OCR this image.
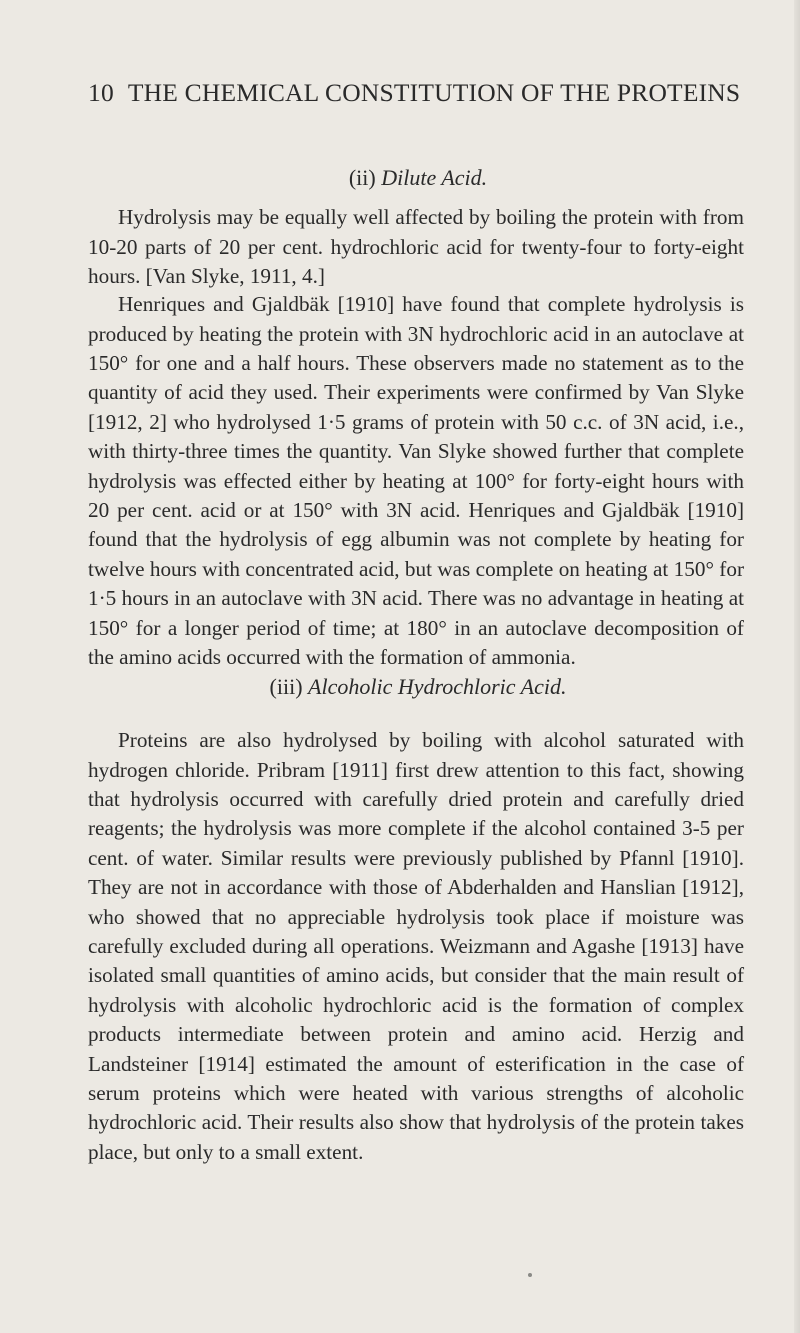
10 THE CHEMICAL CONSTITUTION OF THE PROTEINS
(ii) Dilute Acid.

Hydrolysis may be equally well affected by boiling the protein with from 10-20 parts of 20 per cent. hydrochloric acid for twenty-four to forty-eight hours. [Van Slyke, 1911, 4.]

Henriques and Gjaldbäk [1910] have found that complete hydrolysis is produced by heating the protein with 3N hydrochloric acid in an autoclave at 150° for one and a half hours. These observers made no statement as to the quantity of acid they used. Their experiments were confirmed by Van Slyke [1912, 2] who hydrolysed 1·5 grams of protein with 50 c.c. of 3N acid, i.e., with thirty-three times the quantity. Van Slyke showed further that complete hydrolysis was effected either by heating at 100° for forty-eight hours with 20 per cent. acid or at 150° with 3N acid. Henriques and Gjaldbäk [1910] found that the hydrolysis of egg albumin was not complete by heating for twelve hours with concentrated acid, but was complete on heating at 150° for 1·5 hours in an autoclave with 3N acid. There was no advantage in heating at 150° for a longer period of time; at 180° in an autoclave decomposition of the amino acids occurred with the formation of ammonia.

(iii) Alcoholic Hydrochloric Acid.

Proteins are also hydrolysed by boiling with alcohol saturated with hydrogen chloride. Pribram [1911] first drew attention to this fact, showing that hydrolysis occurred with carefully dried protein and carefully dried reagents; the hydrolysis was more complete if the alcohol contained 3-5 per cent. of water. Similar results were previously published by Pfannl [1910]. They are not in accordance with those of Abderhalden and Hanslian [1912], who showed that no appreciable hydrolysis took place if moisture was carefully excluded during all operations. Weizmann and Agashe [1913] have isolated small quantities of amino acids, but consider that the main result of hydrolysis with alcoholic hydrochloric acid is the formation of complex products intermediate between protein and amino acid. Herzig and Landsteiner [1914] estimated the amount of esterification in the case of serum proteins which were heated with various strengths of alcoholic hydrochloric acid. Their results also show that hydrolysis of the protein takes place, but only to a small extent.
